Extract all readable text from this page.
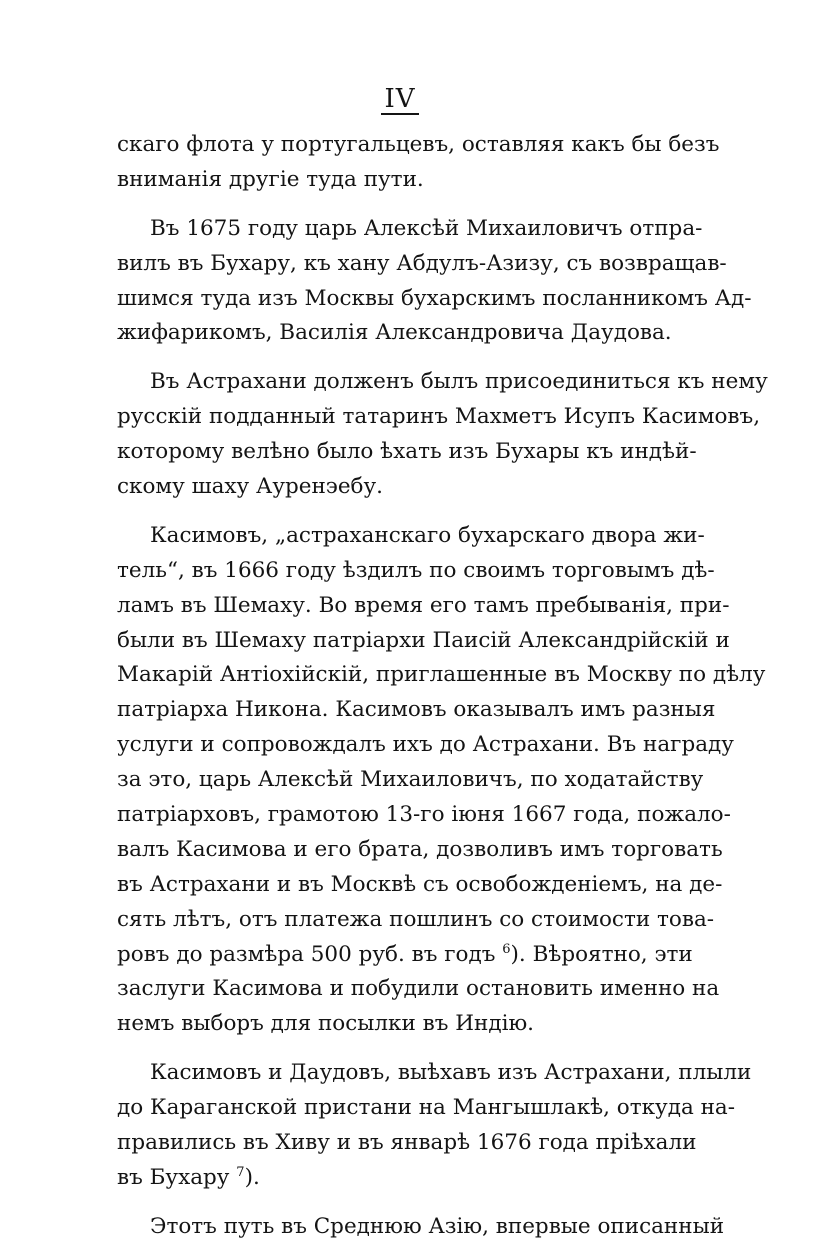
IV
скаго флота у португальцевъ, оставляя какъ бы безъ
вниманія другіе туда пути.
Въ 1675 году царь Алексѣй Михаиловичъ отпра-
вилъ въ Бухару, къ хану Абдулъ-Азизу, съ возвращав-
шимся туда изъ Москвы бухарскимъ посланникомъ Ад-
жифарикомъ, Василія Александровича Даудова.
Въ Астрахани долженъ былъ присоединиться къ нему
русскій подданный татаринъ Махметъ Исупъ Касимовъ,
которому велѣно было ѣхать изъ Бухары къ индѣй-
скому шаху Ауренэебу.
Касимовъ, „астраханскаго бухарскаго двора жи-
тель“, въ 1666 году ѣздилъ по своимъ торговымъ дѣ-
ламъ въ Шемаху. Во время его тамъ пребыванія, при-
были въ Шемаху патріархи Паисій Александрійскій и
Макарій Антіохійскій, приглашенные въ Москву по дѣлу
патріарха Никона. Касимовъ оказывалъ имъ разныя
услуги и сопровождалъ ихъ до Астрахани. Въ награду
за это, царь Алексѣй Михаиловичъ, по ходатайству
патріарховъ, грамотою 13-го іюня 1667 года, пожало-
валъ Касимова и его брата, дозволивъ имъ торговать
въ Астрахани и въ Москвѣ съ освобожденіемъ, на де-
сять лѣтъ, отъ платежа пошлинъ со стоимости това-
ровъ до размѣра 500 руб. въ годъ $^6$). Вѣроятно, эти
заслуги Касимова и побудили остановить именно на
немъ выборъ для посылки въ Индію.
Касимовъ и Даудовъ, выѣхавъ изъ Астрахани, плыли
до Караганской пристани на Мангышлакѣ, откуда на-
правились въ Хиву и въ январѣ 1676 года пріѣхали
въ Бухару $^7$).
Этотъ путь въ Среднюю Азію, впервые описанный
